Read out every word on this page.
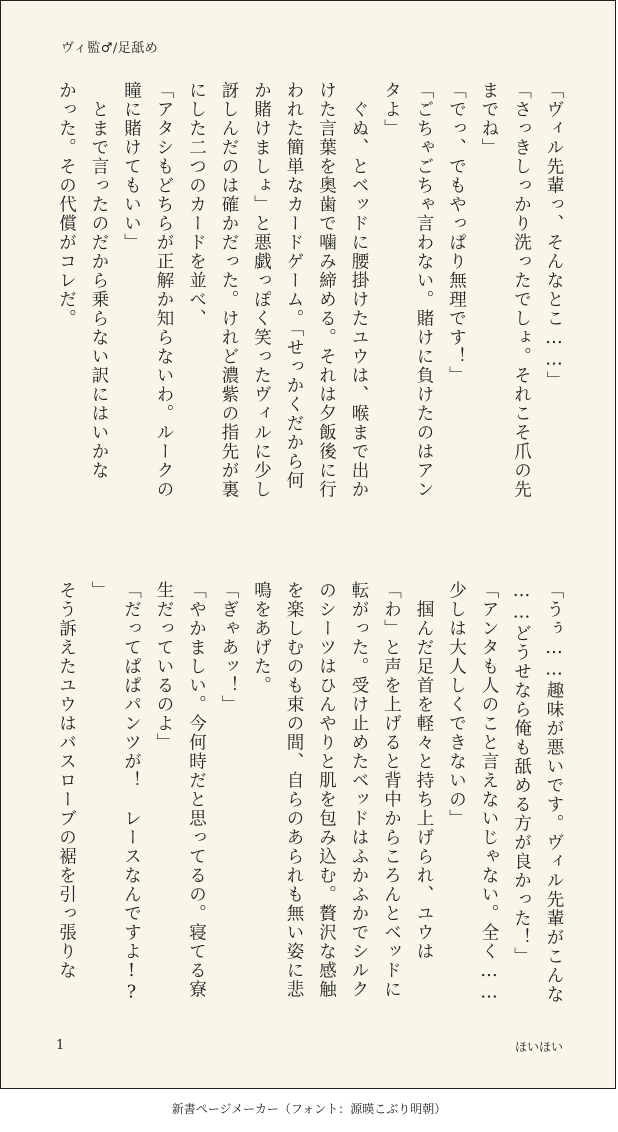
ヴィ監♂/足舐め

「ヴィル先輩っ、そんなとこ……」

「さっきしっかり洗ったでしょ。それこそ爪の先

までね」

「でっ、でもやっぱり無理です！」

「ごちゃごちゃ言わない。賭けに負けたのはアン

タよ」

　ぐぬ、とベッドに腰掛けたユウは、喉まで出か

けた言葉を奥歯で噛み締める。それは夕飯後に行

われた簡単なカードゲーム。「せっかくだから何

か賭けましょ」と悪戯っぽく笑ったヴィルに少し

訝しんだのは確かだった。けれど濃紫の指先が裏

にした二つのカードを並べ、

「アタシもどちらが正解か知らないわ。ルークの

瞳に賭けてもいい」

　とまで言ったのだから乗らない訳にはいかな

かった。その代償がコレだ。

「うぅ……趣味が悪いです。ヴィル先輩がこんな

……どうせなら俺も舐める方が良かった！」

「アンタも人のこと言えないじゃない。全く……

少しは大人しくできないの」

　掴んだ足首を軽々と持ち上げられ、ユウは

「わ」と声を上げると背中からころんとベッドに

転がった。受け止めたベッドはふかふかでシルク

のシーツはひんやりと肌を包み込む。贅沢な感触

を楽しむのも束の間、自らのあられも無い姿に悲

鳴をあげた。

「ぎゃあッ！」

「やかましい。今何時だと思ってるの。寝てる寮

生だっているのよ」

「だってぱぱパンツが！　レースなんですよ!?

」

そう訴えたユウはバスローブの裾を引っ張りな

1	ほいほい
新書ページメーカー（フォント：源暎こぶり明朝）
